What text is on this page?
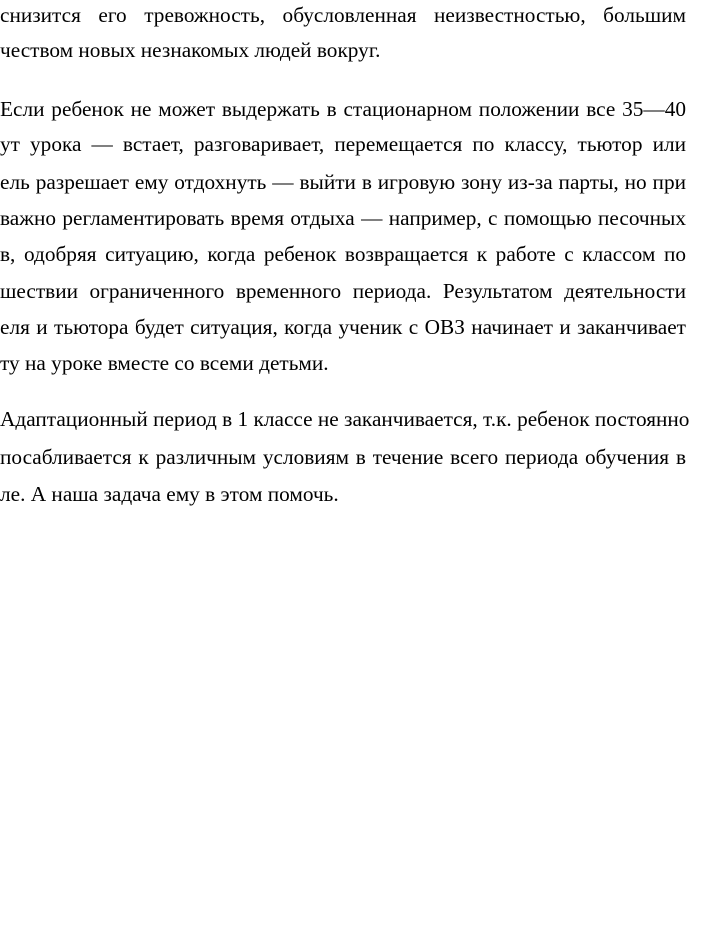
снизится его тревожность, обусловленная неизвестностью, большим
чеством новых незнакомых людей вокруг.
Если ребенок не может выдержать в стационарном положении все 35—40
ут урока — встает, разговаривает, перемещается по классу, тьютор или
ель разрешает ему отдохнуть — выйти в игровую зону из-за парты, но при
важно регламентировать время отдыха — например, с помощью песочных
в, одобряя ситуацию, когда ребенок возвращается к работе с классом по
шествии ограниченного временного периода. Результатом деятельности
еля и тьютора будет ситуация, когда ученик с ОВЗ начинает и заканчивает
ту на уроке вместе со всеми детьми.
Адаптационный период в 1 классе не заканчивается, т.к. ребенок постоянно
посабливается к различным условиям в течение всего периода обучения в
ле. А наша задача ему в этом помочь.
